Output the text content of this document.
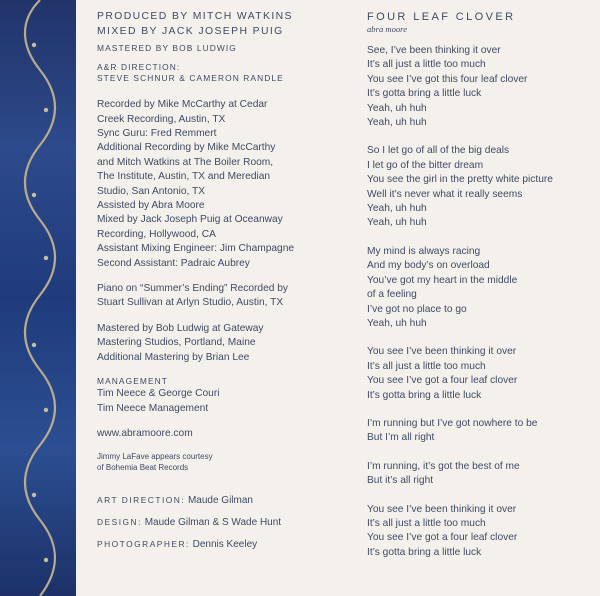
PRODUCED BY MITCH WATKINS
MIXED BY JACK JOSEPH PUIG
MASTERED BY BOB LUDWIG
A&R DIRECTION:
STEVE SCHNUR & CAMERON RANDLE
Recorded by Mike McCarthy at Cedar
Creek Recording, Austin, TX
Sync Guru: Fred Remmert
Additional Recording by Mike McCarthy
and Mitch Watkins at The Boiler Room,
The Institute, Austin, TX and Meredian
Studio, San Antonio, TX
Assisted by Abra Moore
Mixed by Jack Joseph Puig at Oceanway
Recording, Hollywood, CA
Assistant Mixing Engineer: Jim Champagne
Second Assistant: Padraic Aubrey
Piano on “Summer’s Ending” Recorded by
Stuart Sullivan at Arlyn Studio, Austin, TX
Mastered by Bob Ludwig at Gateway
Mastering Studios, Portland, Maine
Additional Mastering by Brian Lee
MANAGEMENT
Tim Neece & George Couri
Tim Neece Management
www.abramoore.com
Jimmy LaFave appears courtesy
of Bohemia Beat Records
ART DIRECTION: Maude Gilman
DESIGN: Maude Gilman & S Wade Hunt
PHOTOGRAPHER: Dennis Keeley
FOUR LEAF CLOVER
abra moore
See, I’ve been thinking it over
It’s all just a little too much
You see I’ve got this four leaf clover
It’s gotta bring a little luck
Yeah, uh huh
Yeah, uh huh
So I let go of all of the big deals
I let go of the bitter dream
You see the girl in the pretty white picture
Well it’s never what it really seems
Yeah, uh huh
Yeah, uh huh
My mind is always racing
And my body’s on overload
You’ve got my heart in the middle
of a feeling
I’ve got no place to go
Yeah, uh huh
You see I’ve been thinking it over
It’s all just a little too much
You see I’ve got a four leaf clover
It’s gotta bring a little luck
I’m running but I’ve got nowhere to be
But I’m all right
I’m running, it’s got the best of me
But it’s all right
You see I’ve been thinking it over
It’s all just a little too much
You see I’ve got a four leaf clover
It’s gotta bring a little luck
